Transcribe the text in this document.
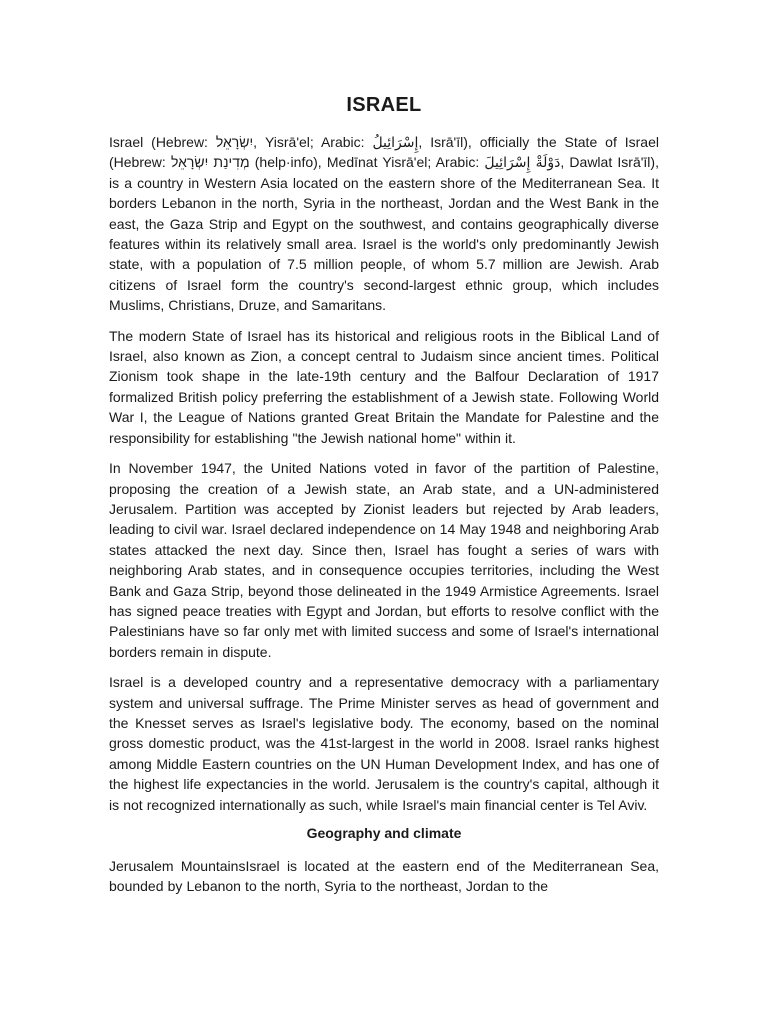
ISRAEL

Israel (Hebrew: יִשְׂרָאֵל, Yisrā'el; Arabic: إِسْرَائِيلُ, Isrā'īl), officially the State of Israel (Hebrew: מְדִינַת יִשְׂרָאֵל (help·info), Medīnat Yisrā'el; Arabic: دَوْلَةْ إِسْرَائِيلَ, Dawlat Isrā'īl), is a country in Western Asia located on the eastern shore of the Mediterranean Sea. It borders Lebanon in the north, Syria in the northeast, Jordan and the West Bank in the east, the Gaza Strip and Egypt on the southwest, and contains geographically diverse features within its relatively small area. Israel is the world's only predominantly Jewish state, with a population of 7.5 million people, of whom 5.7 million are Jewish. Arab citizens of Israel form the country's second-largest ethnic group, which includes Muslims, Christians, Druze, and Samaritans.

The modern State of Israel has its historical and religious roots in the Biblical Land of Israel, also known as Zion, a concept central to Judaism since ancient times. Political Zionism took shape in the late-19th century and the Balfour Declaration of 1917 formalized British policy preferring the establishment of a Jewish state. Following World War I, the League of Nations granted Great Britain the Mandate for Palestine and the responsibility for establishing "the Jewish national home" within it.

In November 1947, the United Nations voted in favor of the partition of Palestine, proposing the creation of a Jewish state, an Arab state, and a UN-administered Jerusalem. Partition was accepted by Zionist leaders but rejected by Arab leaders, leading to civil war. Israel declared independence on 14 May 1948 and neighboring Arab states attacked the next day. Since then, Israel has fought a series of wars with neighboring Arab states, and in consequence occupies territories, including the West Bank and Gaza Strip, beyond those delineated in the 1949 Armistice Agreements. Israel has signed peace treaties with Egypt and Jordan, but efforts to resolve conflict with the Palestinians have so far only met with limited success and some of Israel's international borders remain in dispute.

Israel is a developed country and a representative democracy with a parliamentary system and universal suffrage. The Prime Minister serves as head of government and the Knesset serves as Israel's legislative body. The economy, based on the nominal gross domestic product, was the 41st-largest in the world in 2008. Israel ranks highest among Middle Eastern countries on the UN Human Development Index, and has one of the highest life expectancies in the world. Jerusalem is the country's capital, although it is not recognized internationally as such, while Israel's main financial center is Tel Aviv.

Geography and climate

Jerusalem MountainsIsrael is located at the eastern end of the Mediterranean Sea, bounded by Lebanon to the north, Syria to the northeast, Jordan to the
